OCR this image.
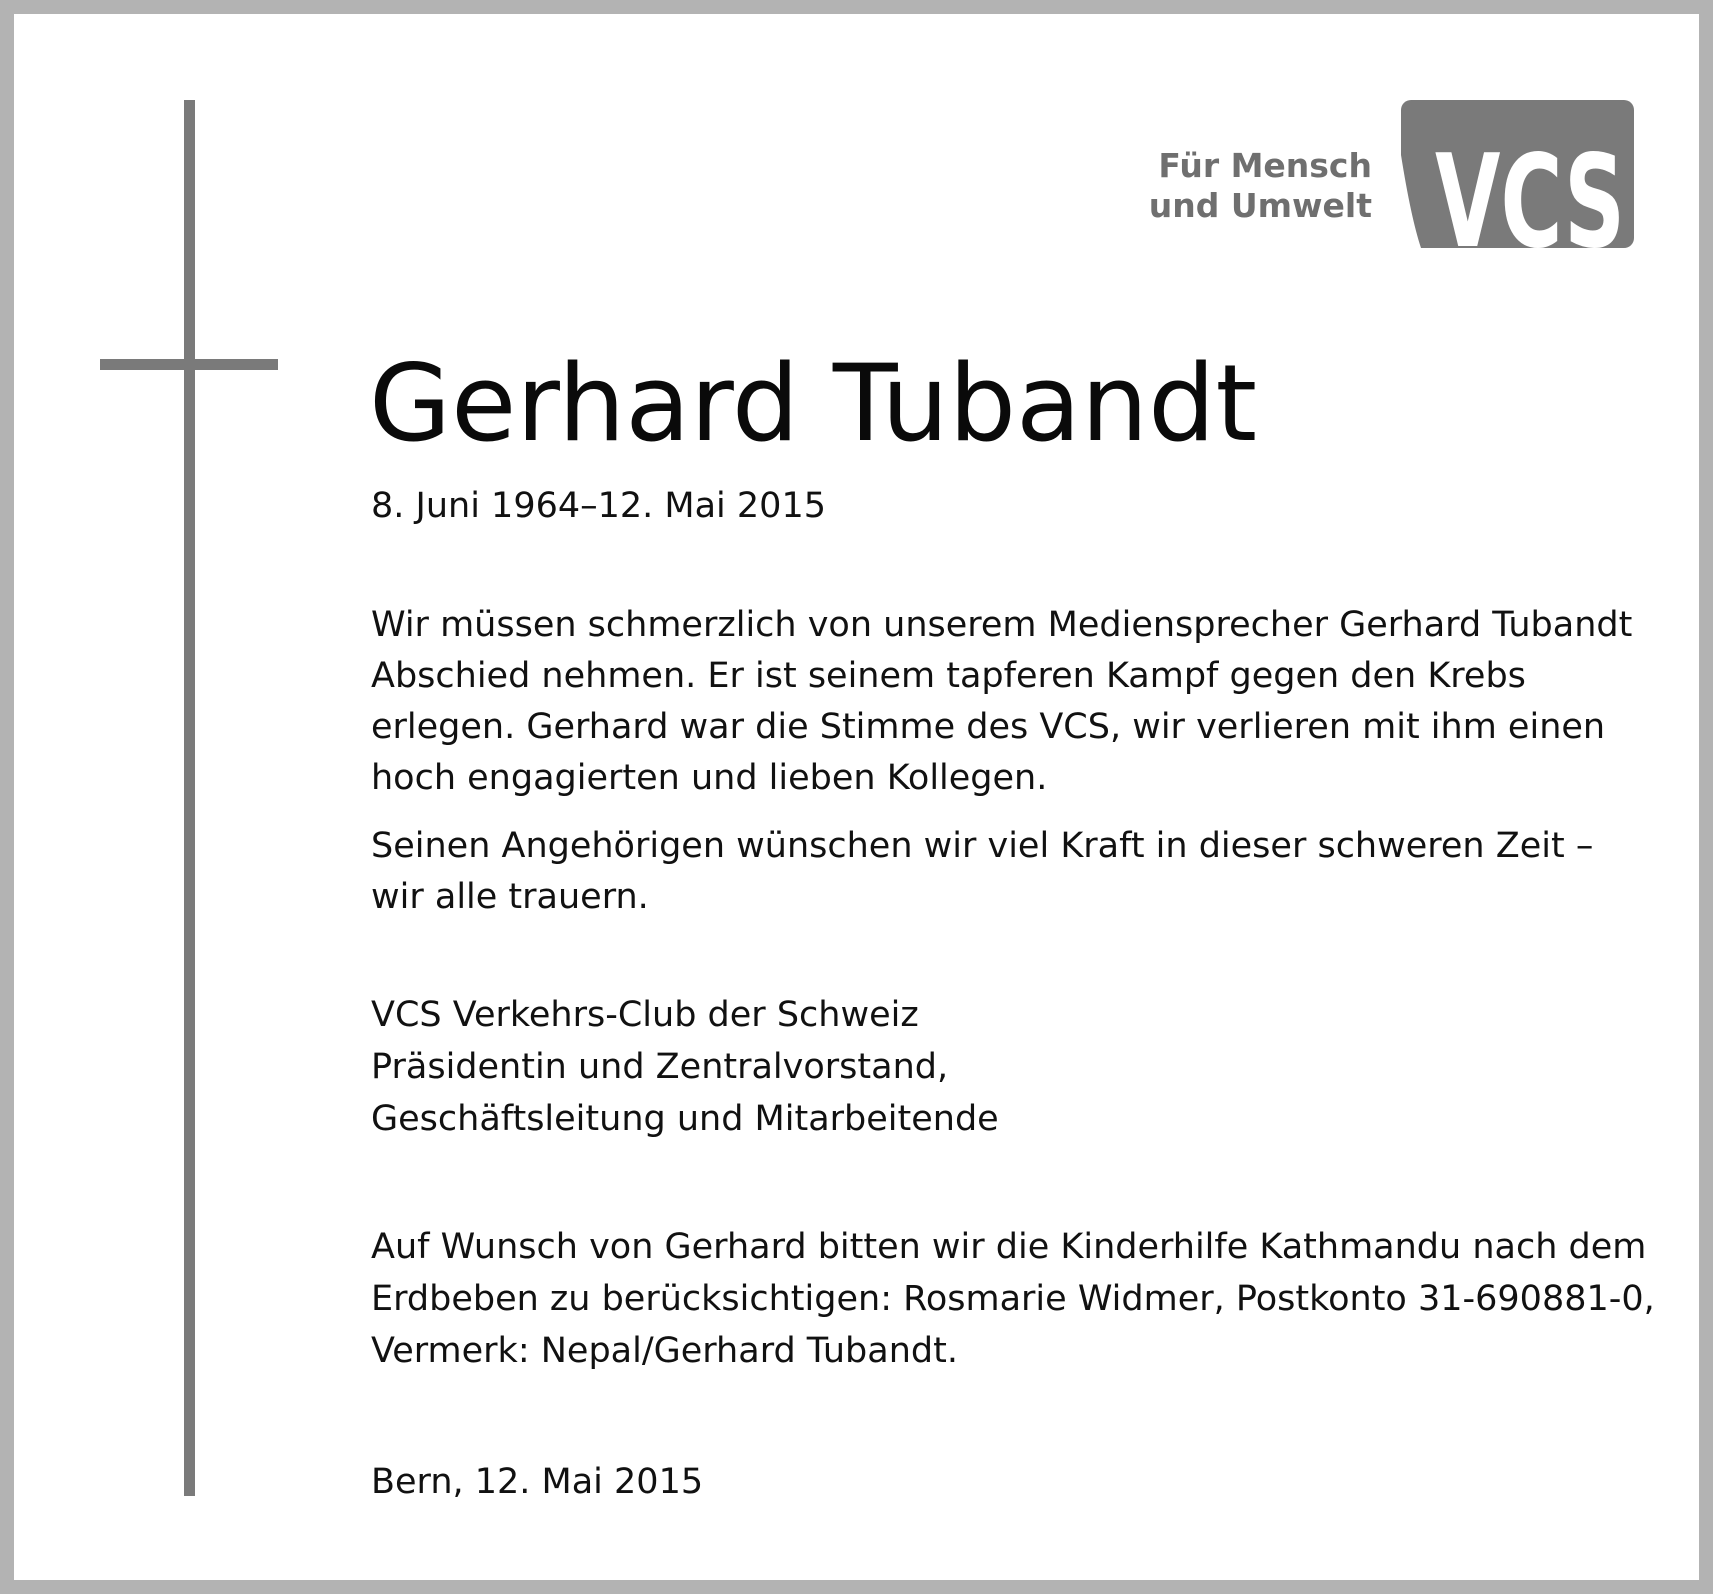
Für Mensch
und Umwelt VCS
Gerhard Tubandt
8. Juni 1964–12. Mai 2015
Wir müssen schmerzlich von unserem Mediensprecher Gerhard Tubandt
Abschied nehmen. Er ist seinem tapferen Kampf gegen den Krebs
erlegen. Gerhard war die Stimme des VCS, wir verlieren mit ihm einen
hoch engagierten und lieben Kollegen.
Seinen Angehörigen wünschen wir viel Kraft in dieser schweren Zeit –
wir alle trauern.
VCS Verkehrs-Club der Schweiz
Präsidentin und Zentralvorstand,
Geschäftsleitung und Mitarbeitende
Auf Wunsch von Gerhard bitten wir die Kinderhilfe Kathmandu nach dem
Erdbeben zu berücksichtigen: Rosmarie Widmer, Postkonto 31-690881-0,
Vermerk: Nepal/Gerhard Tubandt.
Bern, 12. Mai 2015
